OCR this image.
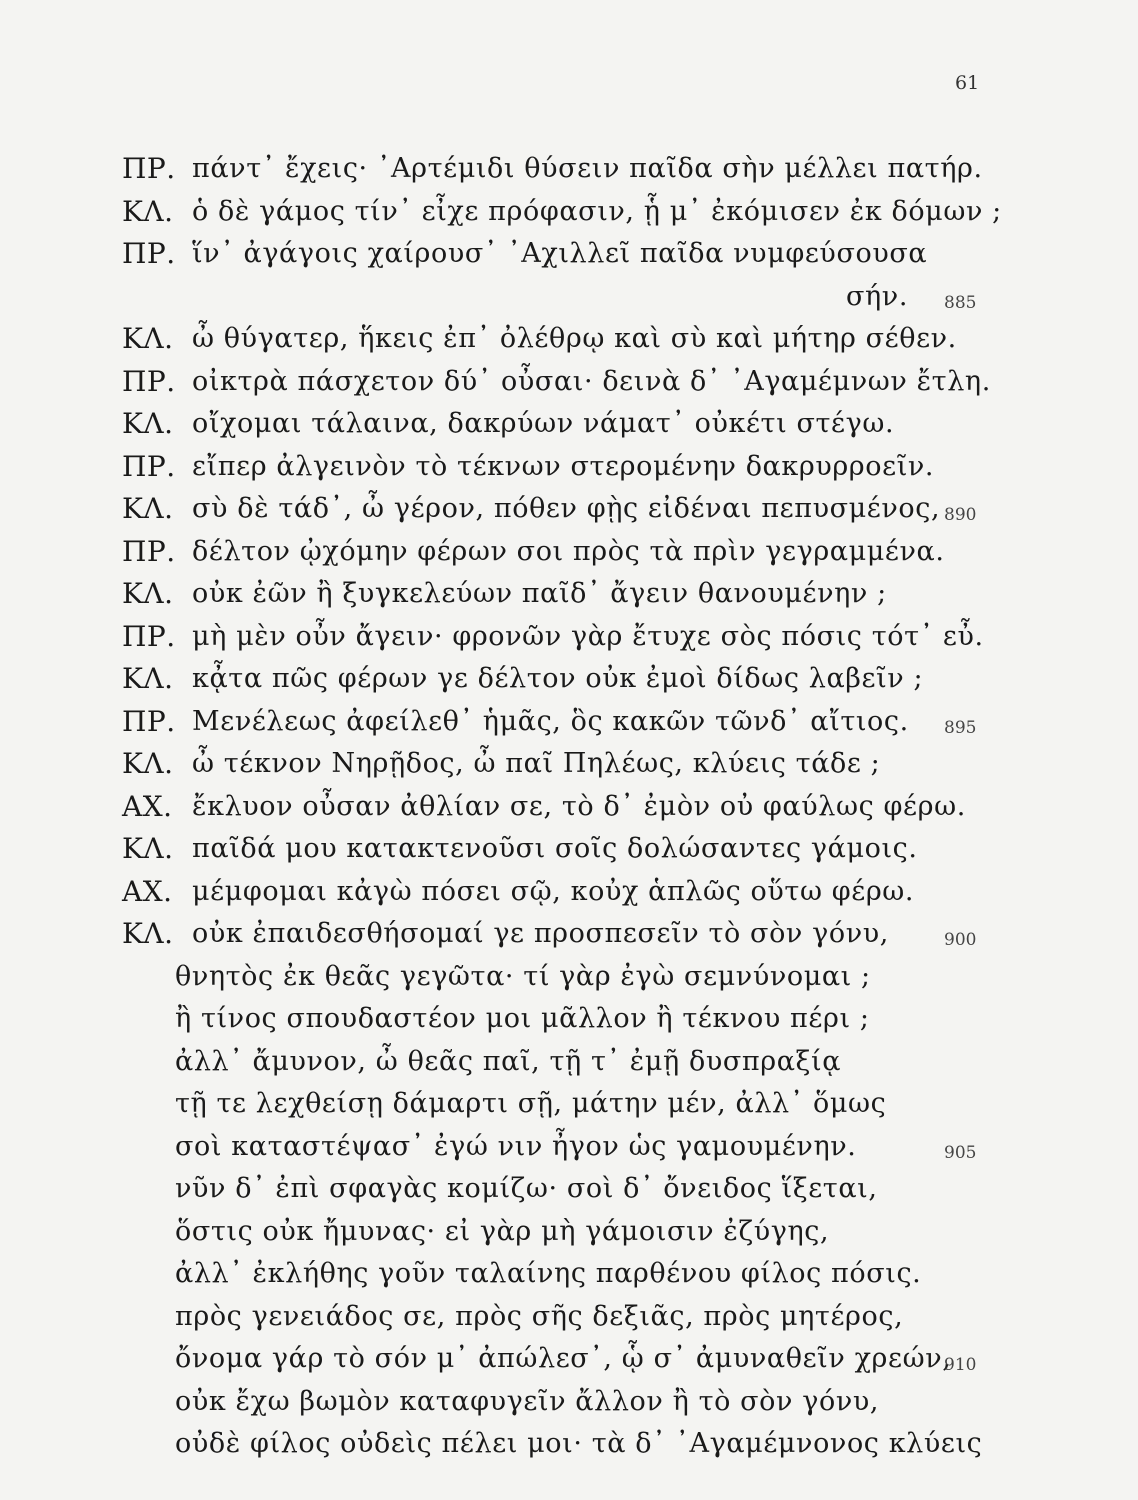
61
ΠΡ. πάντ᾽ ἔχεις· ᾽Αρτέμιδι θύσειν παῖδα σὴν μέλλει πατήρ.
ΚΛ. ὁ δὲ γάμος τίν᾽ εἶχε πρόφασιν, ᾗ μ᾽ ἐκόμισεν ἐκ δόμων ;
ΠΡ. ἵν᾽ ἀγάγοις χαίρουσ᾽ ᾽Αχιλλεῖ παῖδα νυμφεύσουσα
σήν. 885
ΚΛ. ὦ θύγατερ, ἥκεις ἐπ᾽ ὀλέθρῳ καὶ σὺ καὶ μήτηρ σέθεν.
ΠΡ. οἰκτρὰ πάσχετον δύ᾽ οὖσαι· δεινὰ δ᾽ ᾽Αγαμέμνων ἔτλη.
ΚΛ. οἴχομαι τάλαινα, δακρύων νάματ᾽ οὐκέτι στέγω.
ΠΡ. εἴπερ ἀλγεινὸν τὸ τέκνων στερομένην δακρυρροεῖν.
ΚΛ. σὺ δὲ τάδ᾽, ὦ γέρον, πόθεν φῂς εἰδέναι πεπυσμένος, 890
ΠΡ. δέλτον ᾠχόμην φέρων σοι πρὸς τὰ πρὶν γεγραμμένα.
ΚΛ. οὐκ ἐῶν ἢ ξυγκελεύων παῖδ᾽ ἄγειν θανουμένην ;
ΠΡ. μὴ μὲν οὖν ἄγειν· φρονῶν γὰρ ἔτυχε σὸς πόσις τότ᾽ εὖ.
ΚΛ. κᾆτα πῶς φέρων γε δέλτον οὐκ ἐμοὶ δίδως λαβεῖν ;
ΠΡ. Μενέλεως ἀφείλεθ᾽ ἡμᾶς, ὃς κακῶν τῶνδ᾽ αἴτιος. 895
ΚΛ. ὦ τέκνον Νηρῇδος, ὦ παῖ Πηλέως, κλύεις τάδε ;
ΑΧ. ἔκλυον οὖσαν ἀθλίαν σε, τὸ δ᾽ ἐμὸν οὐ φαύλως φέρω.
ΚΛ. παῖδά μου κατακτενοῦσι σοῖς δολώσαντες γάμοις.
ΑΧ. μέμφομαι κἀγὼ πόσει σῷ, κοὐχ ἁπλῶς οὕτω φέρω.
ΚΛ. οὐκ ἐπαιδεσθήσομαί γε προσπεσεῖν τὸ σὸν γόνυ,	900
θνητὸς ἐκ θεᾶς γεγῶτα· τί γὰρ ἐγὼ σεμνύνομαι ;
ἢ τίνος σπουδαστέον μοι μᾶλλον ἢ τέκνου πέρι ;
ἀλλ᾽ ἄμυνον, ὦ θεᾶς παῖ, τῇ τ᾽ ἐμῇ δυσπραξίᾳ
τῇ τε λεχθείσῃ δάμαρτι σῇ, μάτην μέν, ἀλλ᾽ ὅμως
σοὶ καταστέψασ᾽ ἐγώ νιν ἦγον ὡς γαμουμένην.	905
νῦν δ᾽ ἐπὶ σφαγὰς κομίζω· σοὶ δ᾽ ὄνειδος ἵξεται,
ὅστις οὐκ ἤμυνας· εἰ γὰρ μὴ γάμοισιν ἐζύγης,
ἀλλ᾽ ἐκλήθης γοῦν ταλαίνης παρθένου φίλος πόσις.
πρὸς γενειάδος σε, πρὸς σῆς δεξιᾶς, πρὸς μητέρος,
ὄνομα γάρ τὸ σόν μ᾽ ἀπώλεσ᾽, ᾧ σ᾽ ἀμυναθεῖν χρεών,
910
οὐκ ἔχω βωμὸν καταφυγεῖν ἄλλον ἢ τὸ σὸν γόνυ,
οὐδὲ φίλος οὐδεὶς πέλει μοι· τὰ δ᾽ ᾽Αγαμέμνονος κλύεις
